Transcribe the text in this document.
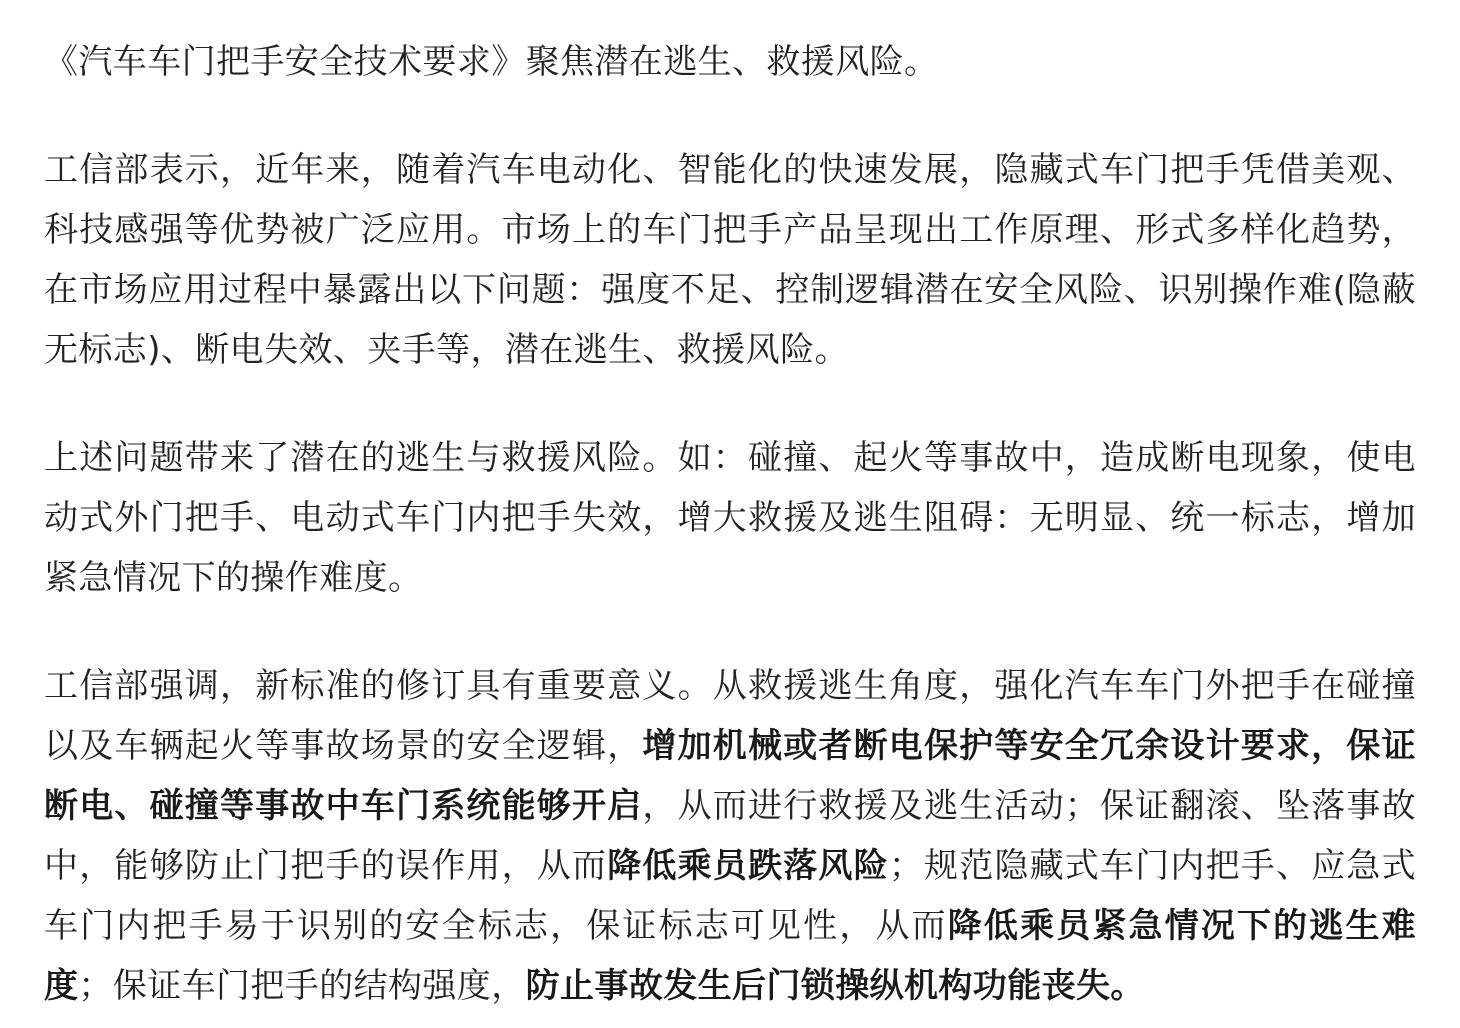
《汽车车门把手安全技术要求》聚焦潜在逃生、救援风险。

工信部表示，近年来，随着汽车电动化、智能化的快速发展，隐藏式车门把手凭借美观、科技感强等优势被广泛应用。市场上的车门把手产品呈现出工作原理、形式多样化趋势，在市场应用过程中暴露出以下问题：强度不足、控制逻辑潜在安全风险、识别操作难(隐蔽无标志)、断电失效、夹手等，潜在逃生、救援风险。

上述问题带来了潜在的逃生与救援风险。如：碰撞、起火等事故中，造成断电现象，使电动式外门把手、电动式车门内把手失效，增大救援及逃生阻碍：无明显、统一标志，增加紧急情况下的操作难度。

工信部强调，新标准的修订具有重要意义。从救援逃生角度，强化汽车车门外把手在碰撞以及车辆起火等事故场景的安全逻辑，增加机械或者断电保护等安全冗余设计要求，保证断电、碰撞等事故中车门系统能够开启，从而进行救援及逃生活动；保证翻滚、坠落事故中，能够防止门把手的误作用，从而降低乘员跌落风险；规范隐藏式车门内把手、应急式车门内把手易于识别的安全标志，保证标志可见性，从而降低乘员紧急情况下的逃生难度；保证车门把手的结构强度，防止事故发生后门锁操纵机构功能丧失。
